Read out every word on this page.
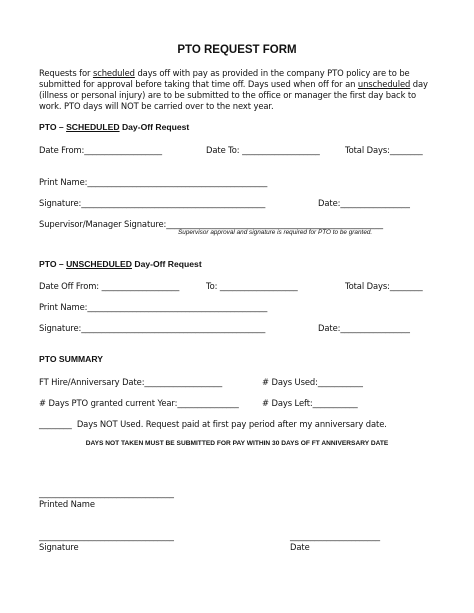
PTO REQUEST FORM
Requests for scheduled days off with pay as provided in the company PTO policy are to be submitted for approval before taking that time off. Days used when off for an unscheduled day (illness or personal injury) are to be submitted to the office or manager the first day back to work. PTO days will NOT be carried over to the next year.
PTO – SCHEDULED Day-Off Request
Date From:___________________	Date To: ___________________	Total Days:________
Print Name:____________________________________________
Signature:_____________________________________________	Date:_________________
Supervisor/Manager Signature:_____________________________________________________
Supervisor approval and signature is required for PTO to be granted.
PTO – UNSCHEDULED Day-Off Request
Date Off From: ___________________	To: ___________________	Total Days:________
Print Name:____________________________________________
Signature:_____________________________________________	Date:_________________
PTO SUMMARY
FT Hire/Anniversary Date:___________________	# Days Used:___________
# Days PTO granted current Year:_______________	# Days Left:___________
________ Days NOT Used. Request paid at first pay period after my anniversary date.
DAYS NOT TAKEN MUST BE SUBMITTED FOR PAY WITHIN 30 DAYS OF FT ANNIVERSARY DATE
_________________________________
Printed Name
_________________________________
Signature
______________________
Date
